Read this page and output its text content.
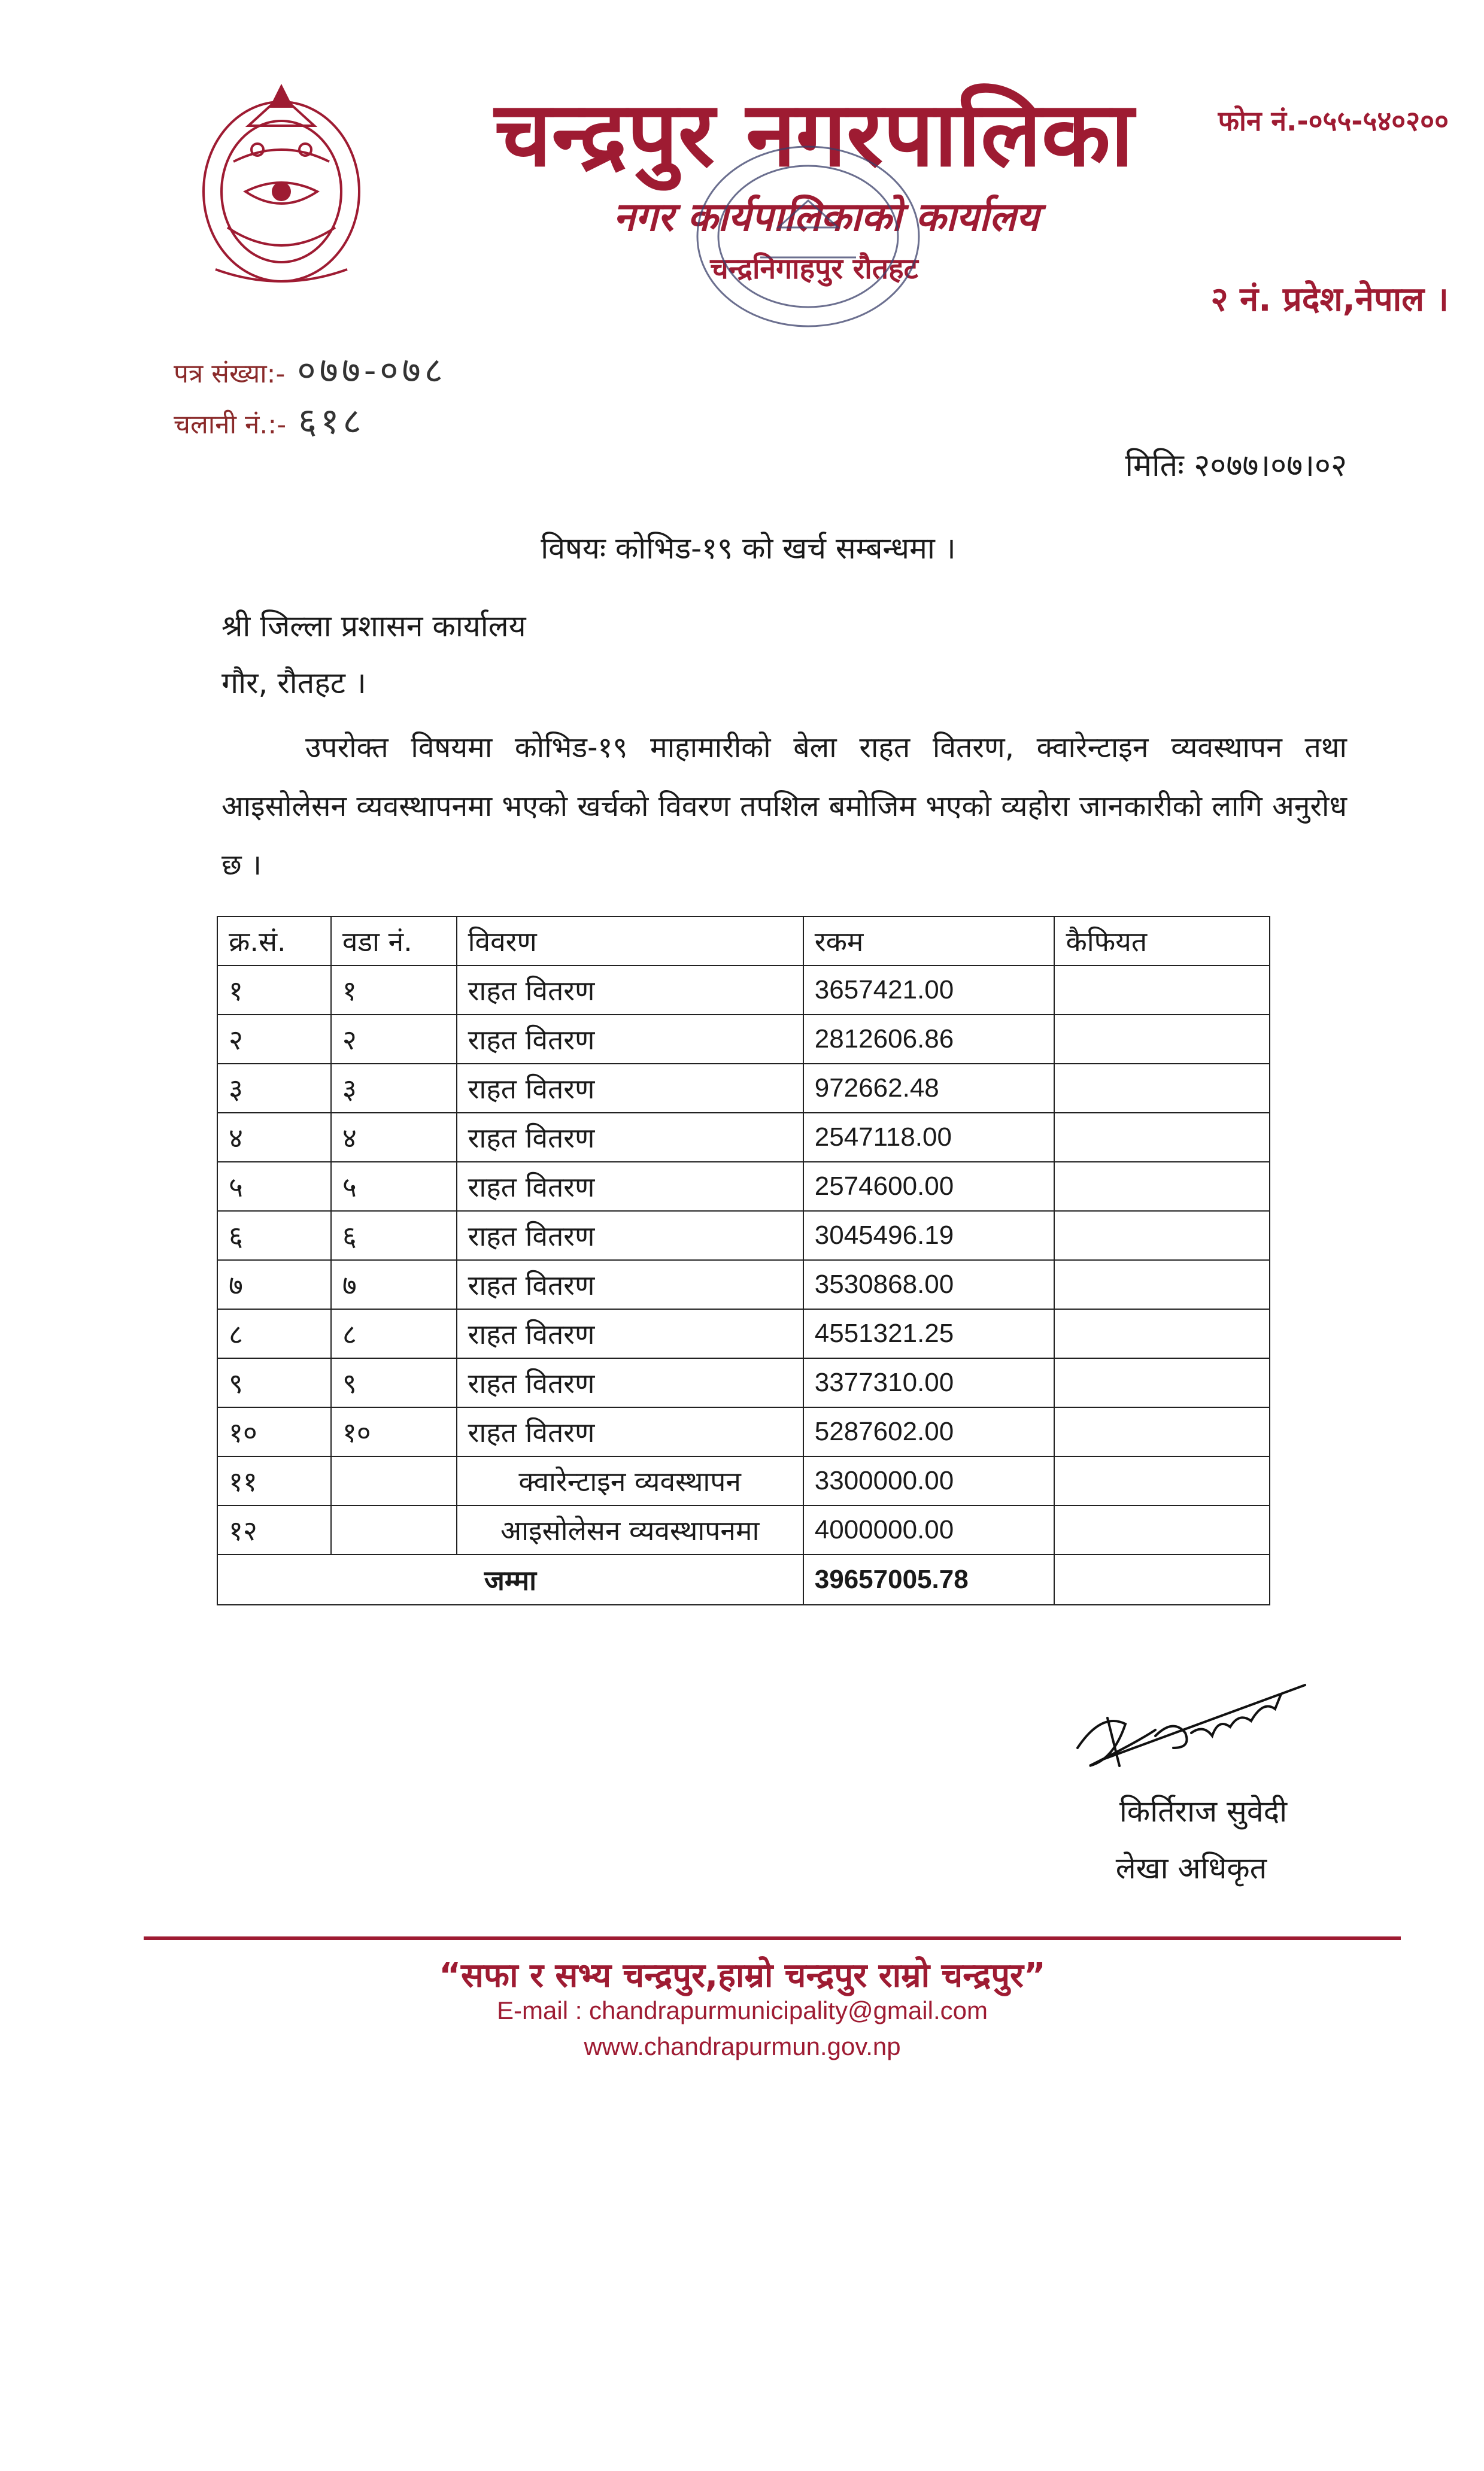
चन्द्रपुर नगरपालिका
नगर कार्यपालिकाको कार्यालय
चन्द्रनिगाहपुर रौतहट
फोन नं.-०५५-५४०२००
२ नं. प्रदेश,नेपाल ।
पत्र संख्या:- ०७७-०७८
चलानी नं.:- ६१८
मितिः २०७७।०७।०२
विषयः कोभिड-१९ को खर्च सम्बन्धमा ।
श्री जिल्ला प्रशासन कार्यालय
गौर, रौतहट ।
उपरोक्त विषयमा कोभिड-१९ माहामारीको बेला राहत वितरण, क्वारेन्टाइन व्यवस्थापन तथा आइसोलेसन व्यवस्थापनमा भएको खर्चको विवरण तपशिल बमोजिम भएको व्यहोरा जानकारीको लागि अनुरोध छ ।
क्र.सं.	वडा नं.	विवरण	रकम	कैफियत
१	१	राहत वितरण	3657421.00	
२	२	राहत वितरण	2812606.86	
३	३	राहत वितरण	972662.48	
४	४	राहत वितरण	2547118.00	
५	५	राहत वितरण	2574600.00	
६	६	राहत वितरण	3045496.19	
७	७	राहत वितरण	3530868.00	
८	८	राहत वितरण	4551321.25	
९	९	राहत वितरण	3377310.00	
१०	१०	राहत वितरण	5287602.00	
११		क्वारेन्टाइन व्यवस्थापन	3300000.00	
१२		आइसोलेसन व्यवस्थापनमा	4000000.00	
जम्मा			39657005.78	
किर्तिराज सुवेदी
लेखा अधिकृत
“सफा र सभ्य चन्द्रपुर,हाम्रो चन्द्रपुर राम्रो चन्द्रपुर”
E-mail : chandrapurmunicipality@gmail.com
www.chandrapurmun.gov.np
